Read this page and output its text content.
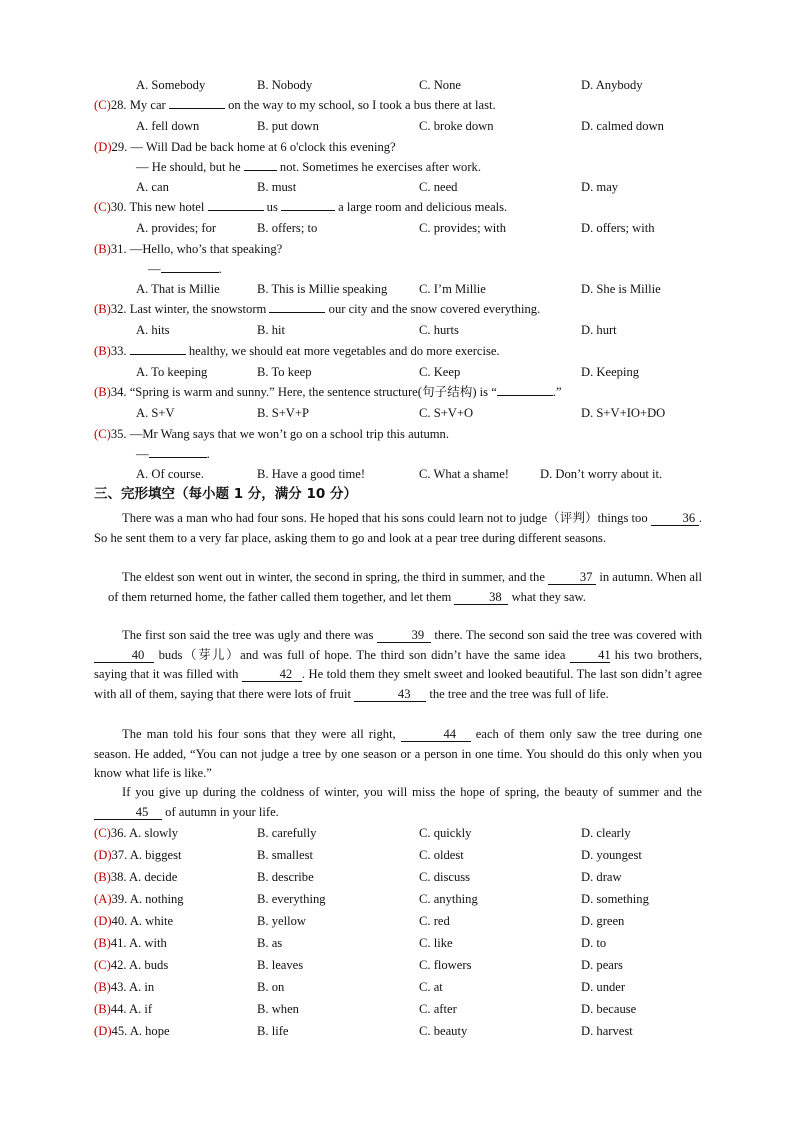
A. Somebody	B. Nobody	C. None	D. Anybody
(C)28. My car	on the way to my school, so I took a bus there at last.
A. fell down	B. put down	C. broke down	D. calmed down
(D)29. — Will Dad be back home at 6 o'clock this evening?
— He should, but he	not. Sometimes he exercises after work.
A. can	B. must	C. need	D. may
(C)30. This new hotel	us	a large room and delicious meals.
A. provides; for	B. offers; to	C. provides; with	D. offers; with
(B)31. —Hello, who’s that speaking?
—	.
A. That is Millie	B. This is Millie speaking	C. I’m Millie	D. She is Millie
(B)32. Last winter, the snowstorm	our city and the snow covered everything.
A. hits	B. hit	C. hurts	D. hurt
(B)33.	healthy, we should eat more vegetables and do more exercise.
A. To keeping	B. To keep	C. Keep	D. Keeping
(B)34. “Spring is warm and sunny.” Here, the sentence structure(句子结构) is “	.”
A. S+V	B. S+V+P	C. S+V+O	D. S+V+IO+DO
(C)35. —Mr Wang says that we won’t go on a school trip this autumn.
—	.
A. Of course.	B. Have a good time!	C. What a shame! D. Don’t worry about it.
三、完形填空（每小题 1 分，满分 10 分）
There was a man who had four sons. He hoped that his sons could learn not to judge（评判）things too	36 . So he sent them to a very far place, asking them to go and look at a pear tree during different seasons.
The eldest son went out in winter, the second in spring, the third in summer, and the	37 in autumn. When all of them returned home, the father called them together, and let them	38 what they saw.
The first son said the tree was ugly and there was	39 there. The second son said the tree was covered with 40 buds（芽儿）and was full of hope. The third son didn’t have the same idea	41 his two brothers, saying that it was filled with	42 . He told them they smelt sweet and looked beautiful. The last son didn’t agree with all of them, saying that there were lots of fruit	43 the tree and the tree was full of life.
The man told his four sons that they were all right,	44 each of them only saw the tree during one season. He added, “You can not judge a tree by one season or a person in one time. You should do this only when you know what life is like.”
If you give up during the coldness of winter, you will miss the hope of spring, the beauty of summer and the 45 of autumn in your life.
(C)36. A. slowly	B. carefully	C. quickly	D. clearly
(D)37. A. biggest	B. smallest	C. oldest	D. youngest
(B)38. A. decide	B. describe	C. discuss	D. draw
(A)39. A. nothing	B. everything	C. anything	D. something
(D)40. A. white	B. yellow	C. red	D. green
(B)41. A. with	B. as	C. like	D. to
(C)42. A. buds	B. leaves	C. flowers	D. pears
(B)43. A. in	B. on	C. at	D. under
(B)44. A. if	B. when	C. after	D. because
(D)45. A. hope	B. life	C. beauty	D. harvest
